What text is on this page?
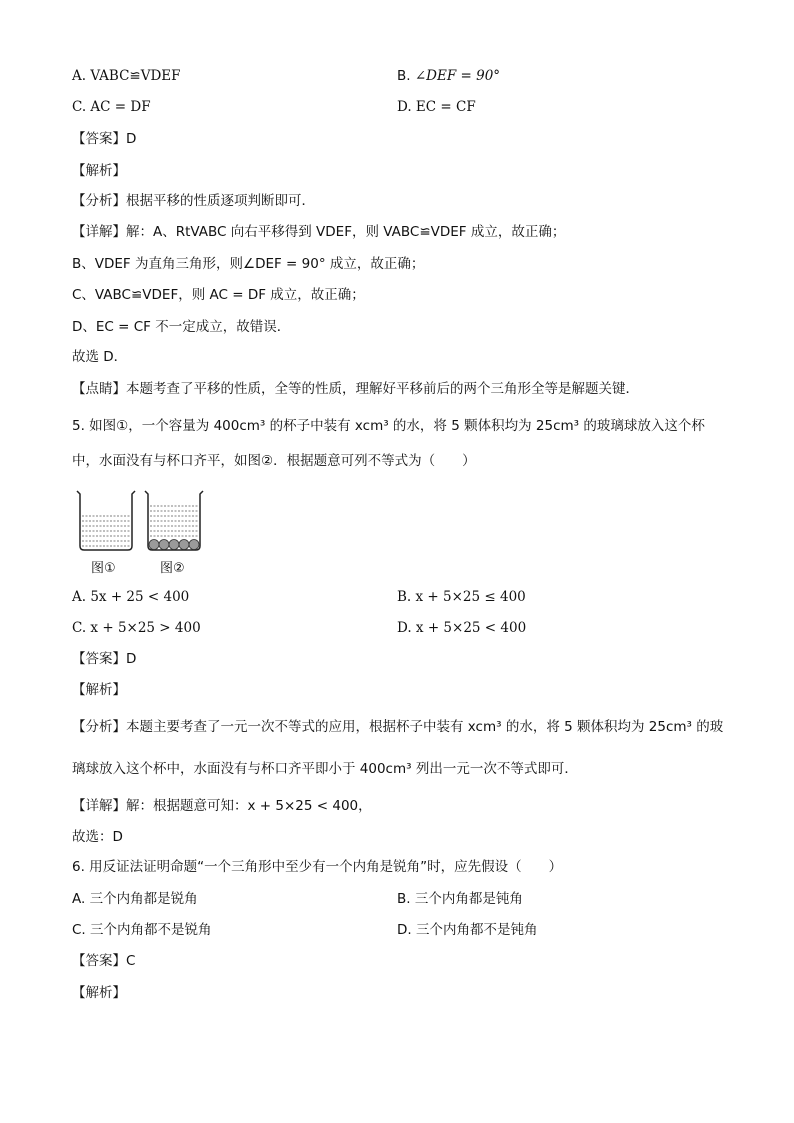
A. VABC≌VDEF	B. ∠DEF = 90°
C. AC = DF	D. EC = CF
【答案】D
【解析】
【分析】根据平移的性质逐项判断即可．
【详解】解：A、RtVABC 向右平移得到 VDEF，则 VABC≌VDEF 成立，故正确；
B、VDEF 为直角三角形，则∠DEF = 90° 成立，故正确；
C、VABC≌VDEF，则 AC = DF 成立，故正确；
D、EC = CF 不一定成立，故错误．
故选 D．
【点睛】本题考查了平移的性质，全等的性质，理解好平移前后的两个三角形全等是解题关键．
5. 如图①，一个容量为 400cm³ 的杯子中装有 xcm³ 的水，将 5 颗体积均为 25cm³ 的玻璃球放入这个杯
中，水面没有与杯口齐平，如图②．根据题意可列不等式为（　　）
图①	图②
A. 5x + 25 < 400	B. x + 5×25 ≤ 400
C. x + 5×25 > 400	D. x + 5×25 < 400
【答案】D
【解析】
【分析】本题主要考查了一元一次不等式的应用，根据杯子中装有 xcm³ 的水，将 5 颗体积均为 25cm³ 的玻
璃球放入这个杯中，水面没有与杯口齐平即小于 400cm³ 列出一元一次不等式即可．
【详解】解：根据题意可知：x + 5×25 < 400，
故选：D
6. 用反证法证明命题“一个三角形中至少有一个内角是锐角”时，应先假设（　　）
A. 三个内角都是锐角	B. 三个内角都是钝角
C. 三个内角都不是锐角	D. 三个内角都不是钝角
【答案】C
【解析】
